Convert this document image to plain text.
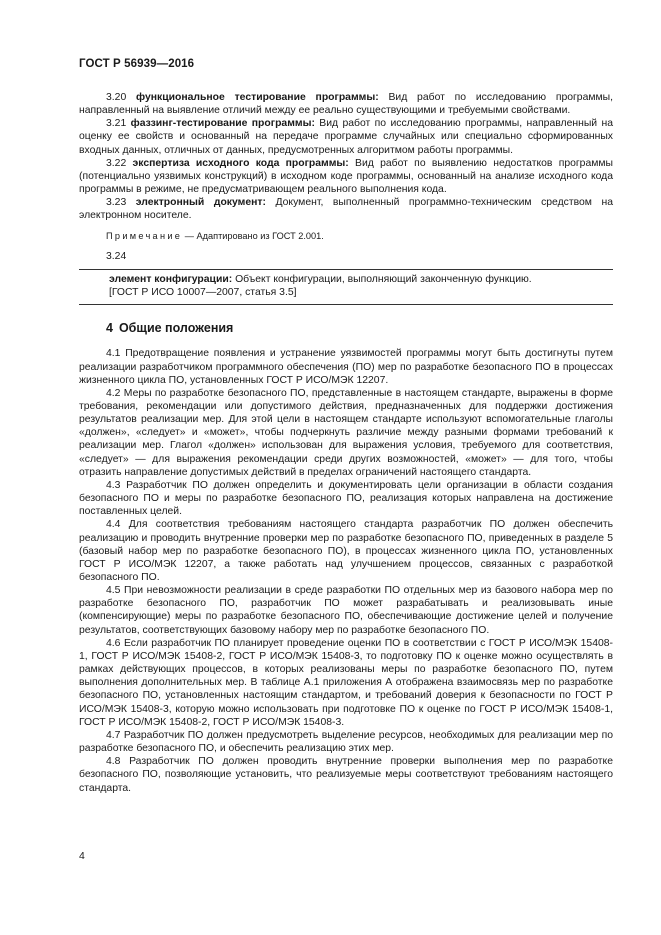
ГОСТ Р 56939—2016

3.20 функциональное тестирование программы: Вид работ по исследованию программы, направленный на выявление отличий между ее реально существующими и требуемыми свойствами.

3.21 фаззинг-тестирование программы: Вид работ по исследованию программы, направленный на оценку ее свойств и основанный на передаче программе случайных или специально сформированных входных данных, отличных от данных, предусмотренных алгоритмом работы программы.

3.22 экспертиза исходного кода программы: Вид работ по выявлению недостатков программы (потенциально уязвимых конструкций) в исходном коде программы, основанный на анализе исходного кода программы в режиме, не предусматривающем реального выполнения кода.

3.23 электронный документ: Документ, выполненный программно-техническим средством на электронном носителе.

Примечание — Адаптировано из ГОСТ 2.001.

3.24

элемент конфигурации: Объект конфигурации, выполняющий законченную функцию.

[ГОСТ Р ИСО 10007—2007, статья 3.5]

4 Общие положения

4.1 Предотвращение появления и устранение уязвимостей программы могут быть достигнуты путем реализации разработчиком программного обеспечения (ПО) мер по разработке безопасного ПО в процессах жизненного цикла ПО, установленных ГОСТ Р ИСО/МЭК 12207.

4.2 Меры по разработке безопасного ПО, представленные в настоящем стандарте, выражены в форме требования, рекомендации или допустимого действия, предназначенных для поддержки достижения результатов реализации мер. Для этой цели в настоящем стандарте используют вспомогательные глаголы «должен», «следует» и «может», чтобы подчеркнуть различие между разными формами требований к реализации мер. Глагол «должен» использован для выражения условия, требуемого для соответствия, «следует» — для выражения рекомендации среди других возможностей, «может» — для того, чтобы отразить направление допустимых действий в пределах ограничений настоящего стандарта.

4.3 Разработчик ПО должен определить и документировать цели организации в области создания безопасного ПО и меры по разработке безопасного ПО, реализация которых направлена на достижение поставленных целей.

4.4 Для соответствия требованиям настоящего стандарта разработчик ПО должен обеспечить реализацию и проводить внутренние проверки мер по разработке безопасного ПО, приведенных в разделе 5 (базовый набор мер по разработке безопасного ПО), в процессах жизненного цикла ПО, установленных ГОСТ Р ИСО/МЭК 12207, а также работать над улучшением процессов, связанных с разработкой безопасного ПО.

4.5 При невозможности реализации в среде разработки ПО отдельных мер из базового набора мер по разработке безопасного ПО, разработчик ПО может разрабатывать и реализовывать иные (компенсирующие) меры по разработке безопасного ПО, обеспечивающие достижение целей и получение результатов, соответствующих базовому набору мер по разработке безопасного ПО.

4.6 Если разработчик ПО планирует проведение оценки ПО в соответствии с ГОСТ Р ИСО/МЭК 15408-1, ГОСТ Р ИСО/МЭК 15408-2, ГОСТ Р ИСО/МЭК 15408-3, то подготовку ПО к оценке можно осуществлять в рамках действующих процессов, в которых реализованы меры по разработке безопасного ПО, путем выполнения дополнительных мер. В таблице А.1 приложения А отображена взаимосвязь мер по разработке безопасного ПО, установленных настоящим стандартом, и требований доверия к безопасности по ГОСТ Р ИСО/МЭК 15408-3, которую можно использовать при подготовке ПО к оценке по ГОСТ Р ИСО/МЭК 15408-1, ГОСТ Р ИСО/МЭК 15408-2, ГОСТ Р ИСО/МЭК 15408-3.

4.7 Разработчик ПО должен предусмотреть выделение ресурсов, необходимых для реализации мер по разработке безопасного ПО, и обеспечить реализацию этих мер.

4.8 Разработчик ПО должен проводить внутренние проверки выполнения мер по разработке безопасного ПО, позволяющие установить, что реализуемые меры соответствуют требованиям настоящего стандарта.

4
